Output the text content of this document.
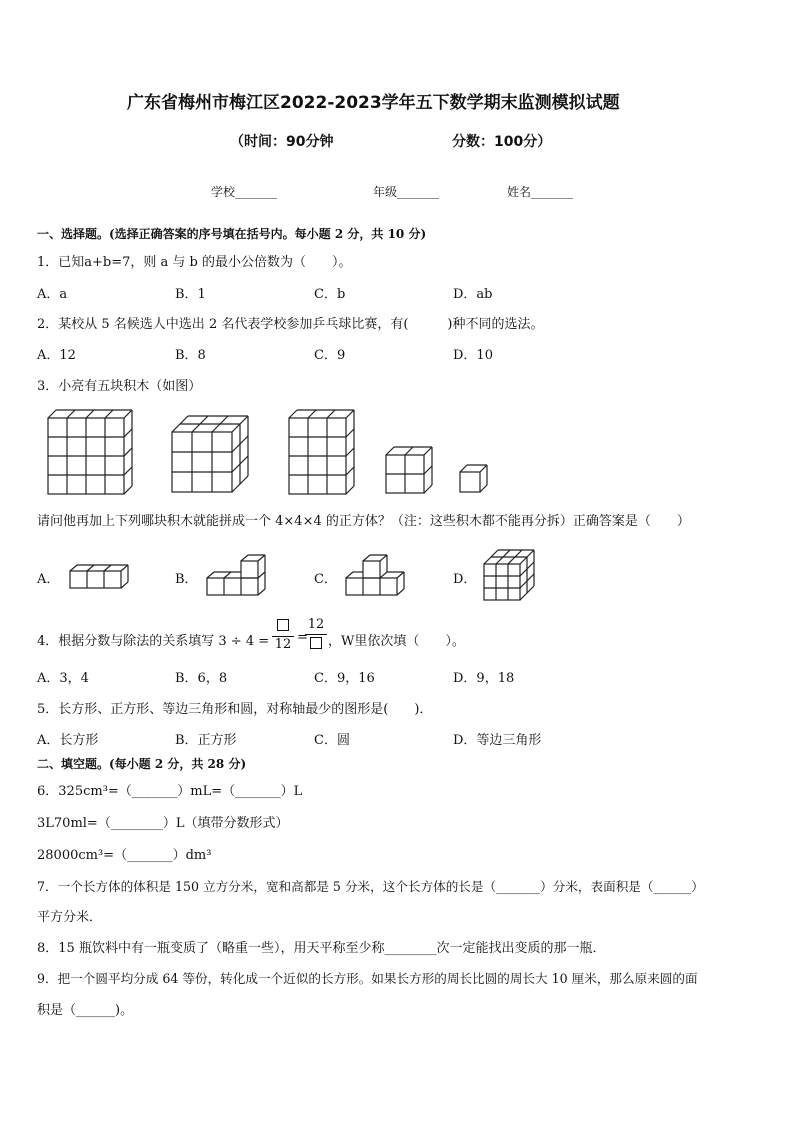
广东省梅州市梅江区2022-2023学年五下数学期末监测模拟试题
（时间：90分钟	分数：100分）
学校_______	年级_______	姓名_______
一、选择题。(选择正确答案的序号填在括号内。每小题 2 分，共 10 分)
1．已知a+b=7，则 a 与 b 的最小公倍数为（　　）。
A．a	B．1	C．b	D．ab
2．某校从 5 名候选人中选出 2 名代表学校参加乒乓球比赛，有(　　　)种不同的选法。
A．12	B．8	C．9	D．10
3．小亮有五块积木（如图）
请问他再加上下列哪块积木就能拼成一个 4×4×4 的正方体？（注：这些积木都不能再分拆）正确答案是（　　）
A．	B．	C．	D．
4．根据分数与除法的关系填写 3 ÷ 4 = 12 =
12
，W里依次填（　　）。
A．3，4	B．6，8	C．9，16	D．9，18
5．长方形、正方形、等边三角形和圆，对称轴最少的图形是(　　)．
A．长方形	B．正方形	C．圆	D．等边三角形
二、填空题。(每小题 2 分，共 28 分)
6．325cm³=（_______）mL=（_______）L
3L70ml=（________）L（填带分数形式）
28000cm³=（_______）dm³
7．一个长方体的体积是 150 立方分米，宽和高都是 5 分米，这个长方体的长是（_______）分米，表面积是（______）
平方分米．
8．15 瓶饮料中有一瓶变质了（略重一些），用天平称至少称________次一定能找出变质的那一瓶．
9．把一个圆平均分成 64 等份，转化成一个近似的长方形。如果长方形的周长比圆的周长大 10 厘米，那么原来圆的面
积是（______)。
